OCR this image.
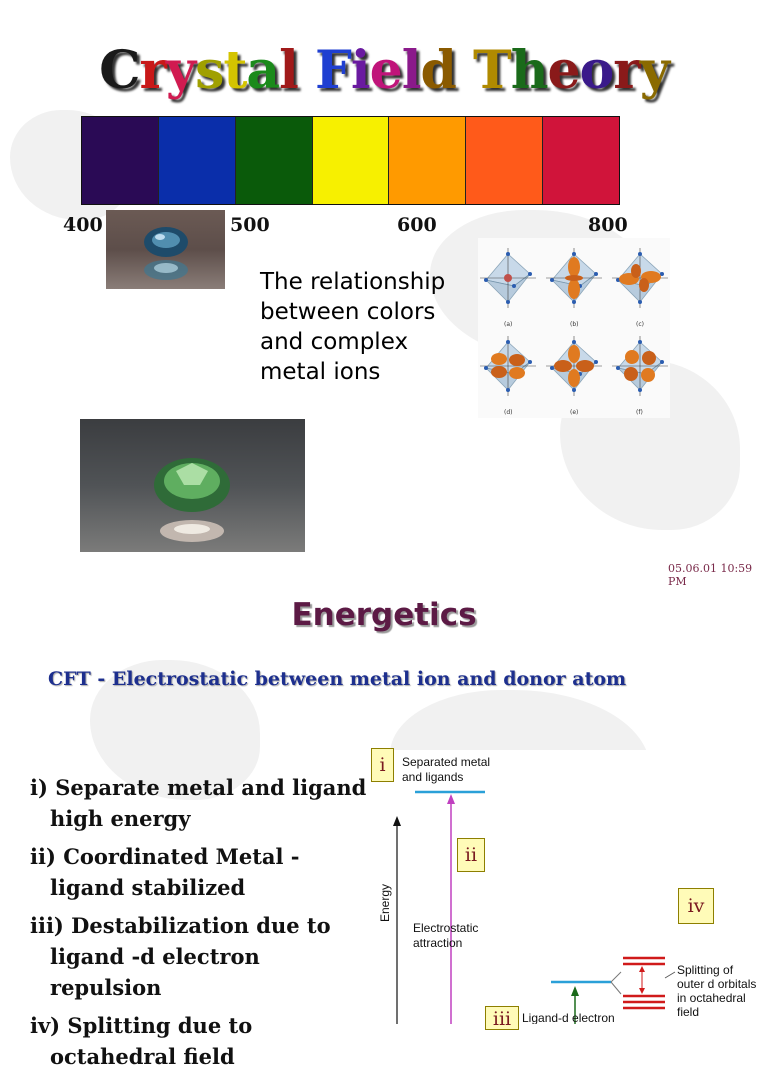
Crystal Field Theory
400	500	600	800
The relationship between colors and complex metal ions
(a)	(b)	(c)
(d)	(e)	(f)
05.06.01 10:59 PM
Energetics
CFT - Electrostatic between metal ion and donor atom
i) Separate metal and ligand high energy
ii) Coordinated Metal - ligand stabilized
iii) Destabilization due to ligand -d electron repulsion
iv) Splitting due to octahedral field
Separated metal
and ligands
Energy
Electrostatic
attraction
Splitting of
outer d orbitals
in octahedral
field
Ligand-d electron
i
ii
iii
iv
